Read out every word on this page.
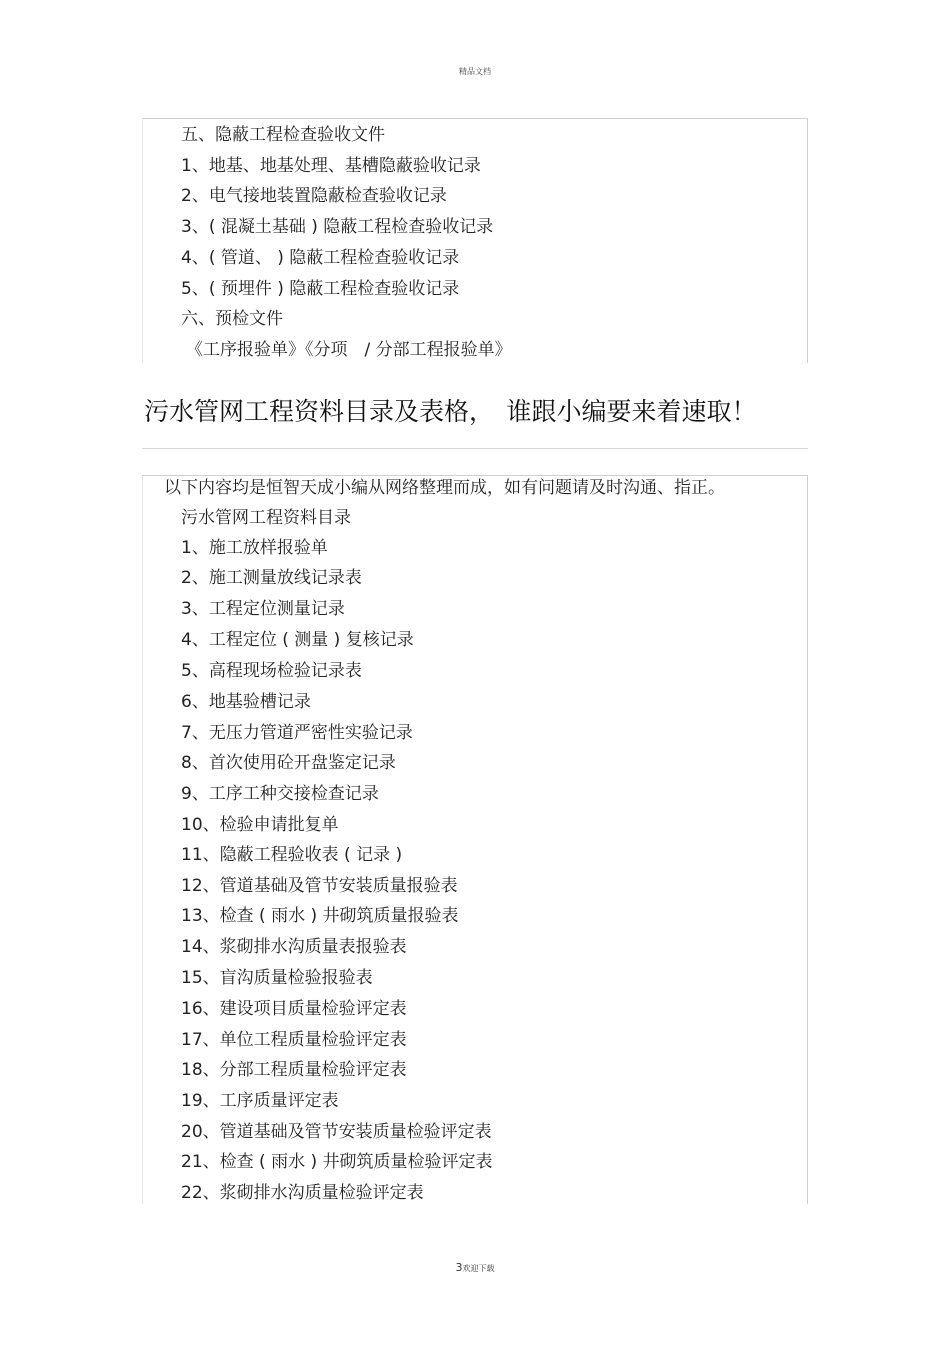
精品文档
五、隐蔽工程检查验收文件
1、地基、地基处理、基槽隐蔽验收记录
2、电气接地装置隐蔽检查验收记录
3、( 混凝土基础 ) 隐蔽工程检查验收记录
4、( 管道、 ) 隐蔽工程检查验收记录
5、( 预埋件 ) 隐蔽工程检查验收记录
六、预检文件
《工序报验单》《分项　/ 分部工程报验单》
污水管网工程资料目录及表格，　谁跟小编要来着速取！
以下内容均是恒智天成小编从网络整理而成，如有问题请及时沟通、指正。
污水管网工程资料目录
1、施工放样报验单
2、施工测量放线记录表
3、工程定位测量记录
4、工程定位 ( 测量 ) 复核记录
5、高程现场检验记录表
6、地基验槽记录
7、无压力管道严密性实验记录
8、首次使用砼开盘鉴定记录
9、工序工种交接检查记录
10、检验申请批复单
11、隐蔽工程验收表 ( 记录 )
12、管道基础及管节安装质量报验表
13、检查 ( 雨水 ) 井砌筑质量报验表
14、浆砌排水沟质量表报验表
15、盲沟质量检验报验表
16、建设项目质量检验评定表
17、单位工程质量检验评定表
18、分部工程质量检验评定表
19、工序质量评定表
20、管道基础及管节安装质量检验评定表
21、检查 ( 雨水 ) 井砌筑质量检验评定表
22、浆砌排水沟质量检验评定表
3欢迎下载
